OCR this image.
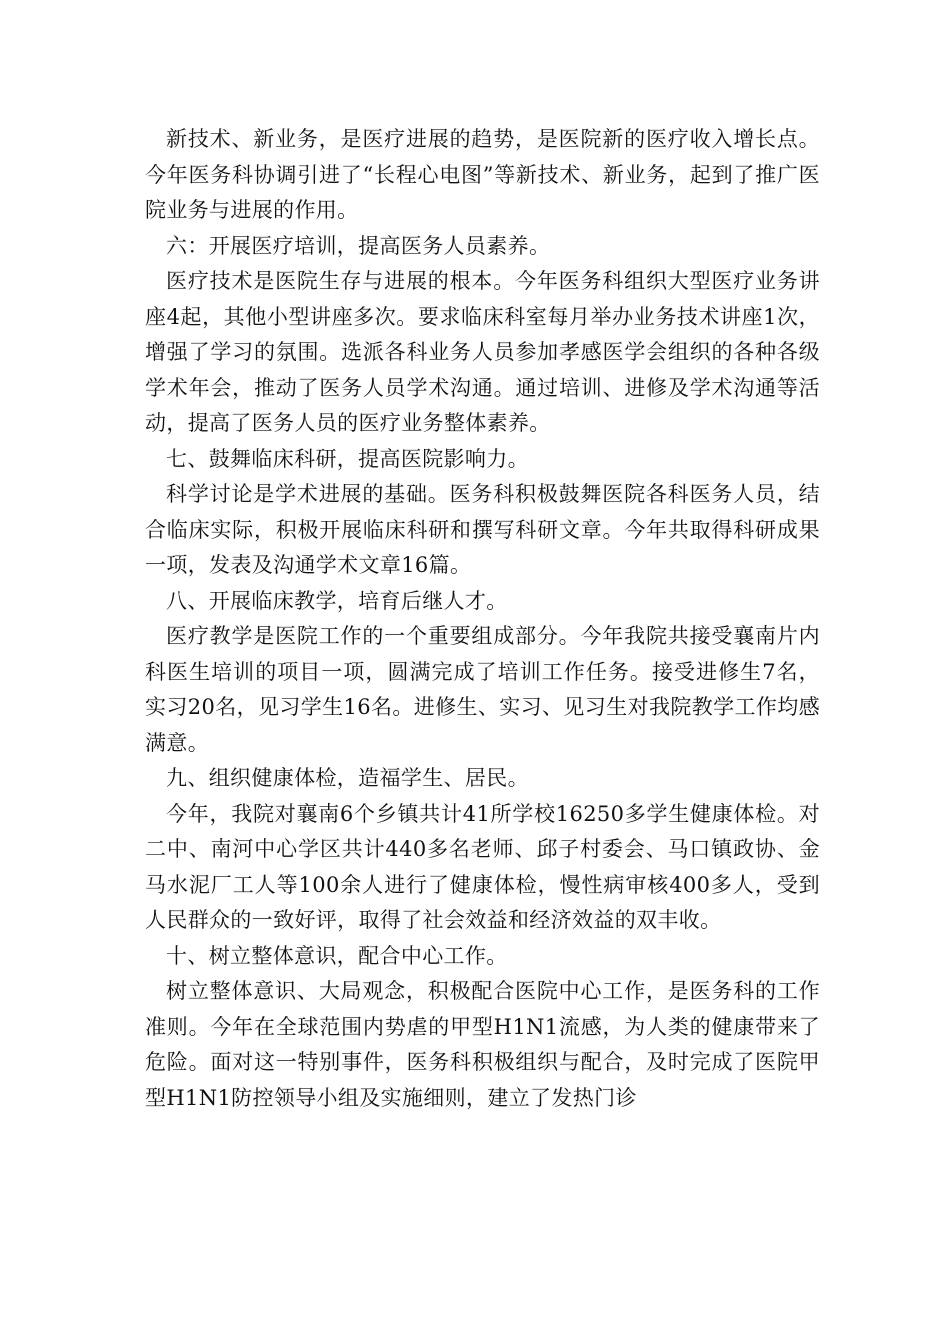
新技术、新业务，是医疗进展的趋势，是医院新的医疗收入增长点。今年医务科协调引进了“长程心电图”等新技术、新业务，起到了推广医院业务与进展的作用。

六：开展医疗培训，提高医务人员素养。

医疗技术是医院生存与进展的根本。今年医务科组织大型医疗业务讲座4起，其他小型讲座多次。要求临床科室每月举办业务技术讲座1次，增强了学习的氛围。选派各科业务人员参加孝感医学会组织的各种各级学术年会，推动了医务人员学术沟通。通过培训、进修及学术沟通等活动，提高了医务人员的医疗业务整体素养。

七、鼓舞临床科研，提高医院影响力。

科学讨论是学术进展的基础。医务科积极鼓舞医院各科医务人员，结合临床实际，积极开展临床科研和撰写科研文章。今年共取得科研成果一项，发表及沟通学术文章16篇。

八、开展临床教学，培育后继人才。

医疗教学是医院工作的一个重要组成部分。今年我院共接受襄南片内科医生培训的项目一项，圆满完成了培训工作任务。接受进修生7名，实习20名，见习学生16名。进修生、实习、见习生对我院教学工作均感满意。

九、组织健康体检，造福学生、居民。

今年，我院对襄南6个乡镇共计41所学校16250多学生健康体检。对二中、南河中心学区共计440多名老师、邱子村委会、马口镇政协、金马水泥厂工人等100余人进行了健康体检，慢性病审核400多人，受到人民群众的一致好评，取得了社会效益和经济效益的双丰收。

十、树立整体意识，配合中心工作。

树立整体意识、大局观念，积极配合医院中心工作，是医务科的工作准则。今年在全球范围内势虐的甲型H1N1流感，为人类的健康带来了危险。面对这一特别事件，医务科积极组织与配合，及时完成了医院甲型H1N1防控领导小组及实施细则，建立了发热门诊
